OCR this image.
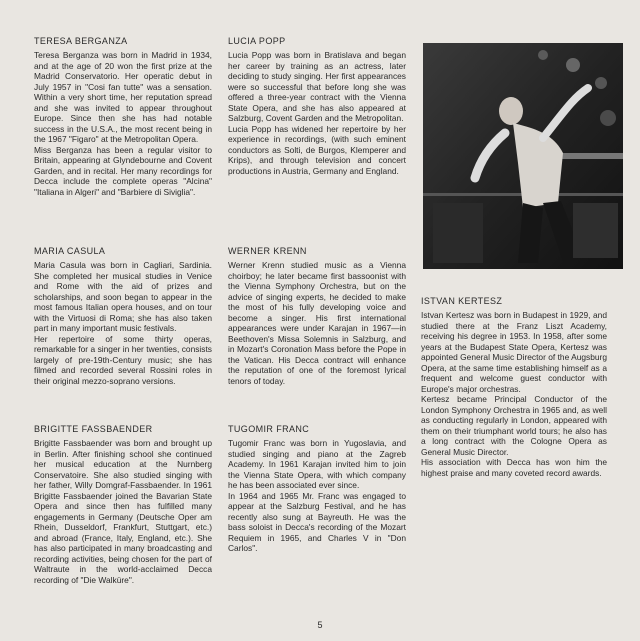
TERESA BERGANZA

Teresa Berganza was born in Madrid in 1934, and at the age of 20 won the first prize at the Madrid Conservatorio. Her operatic debut in July 1957 in "Cosi fan tutte" was a sensation. Within a very short time, her reputation spread and she was invited to appear throughout Europe. Since then she has had notable success in the U.S.A., the most recent being in the 1967 "Figaro" at the Metropolitan Opera.

Miss Berganza has been a regular visitor to Britain, appearing at Glyndebourne and Covent Garden, and in recital. Her many recordings for Decca include the complete operas "Alcina" "Italiana in Algeri" and "Barbiere di Siviglia".

LUCIA POPP

Lucia Popp was born in Bratislava and began her career by training as an actress, later deciding to study singing. Her first appearances were so successful that before long she was offered a three-year contract with the Vienna State Opera, and she has also appeared at Salzburg, Covent Garden and the Metropolitan.

Lucia Popp has widened her repertoire by her experience in recordings, (with such eminent conductors as Solti, de Burgos, Klemperer and Krips), and through television and concert productions in Austria, Germany and England.

MARIA CASULA

Maria Casula was born in Cagliari, Sardinia. She completed her musical studies in Venice and Rome with the aid of prizes and scholarships, and soon began to appear in the most famous Italian opera houses, and on tour with the Virtuosi di Roma; she has also taken part in many important music festivals.

Her repertoire of some thirty operas, remarkable for a singer in her twenties, consists largely of pre-19th-Century music; she has filmed and recorded several Rossini roles in their original mezzo-soprano versions.

WERNER KRENN

Werner Krenn studied music as a Vienna choirboy; he later became first bassoonist with the Vienna Symphony Orchestra, but on the advice of singing experts, he decided to make the most of his fully developing voice and become a singer. His first international appearances were under Karajan in 1967—in Beethoven's Missa Solemnis in Salzburg, and in Mozart's Coronation Mass before the Pope in the Vatican. His Decca contract will enhance the reputation of one of the foremost lyrical tenors of today.

ISTVAN KERTESZ

Istvan Kertesz was born in Budapest in 1929, and studied there at the Franz Liszt Academy, receiving his degree in 1953. In 1958, after some years at the Budapest State Opera, Kertesz was appointed General Music Director of the Augsburg Opera, at the same time establishing himself as a frequent and welcome guest conductor with Europe's major orchestras.

Kertesz became Principal Conductor of the London Symphony Orchestra in 1965 and, as well as conducting regularly in London, appeared with them on their triumphant world tours; he also has a long contract with the Cologne Opera as General Music Director.

His association with Decca has won him the highest praise and many coveted record awards.

BRIGITTE FASSBAENDER

Brigitte Fassbaender was born and brought up in Berlin. After finishing school she continued her musical education at the Nurnberg Conservatoire. She also studied singing with her father, Willy Domgraf-Fassbaender. In 1961 Brigitte Fassbaender joined the Bavarian State Opera and since then has fulfilled many engagements in Germany (Deutsche Oper am Rhein, Dusseldorf, Frankfurt, Stuttgart, etc.) and abroad (France, Italy, England, etc.). She has also participated in many broadcasting and recording activities, being chosen for the part of Waltraute in the world-acclaimed Decca recording of "Die Walküre".

TUGOMIR FRANC

Tugomir Franc was born in Yugoslavia, and studied singing and piano at the Zagreb Academy. In 1961 Karajan invited him to join the Vienna State Opera, with which company he has been associated ever since.

In 1964 and 1965 Mr. Franc was engaged to appear at the Salzburg Festival, and he has recently also sung at Bayreuth. He was the bass soloist in Decca's recording of the Mozart Requiem in 1965, and Charles V in "Don Carlos".

5
